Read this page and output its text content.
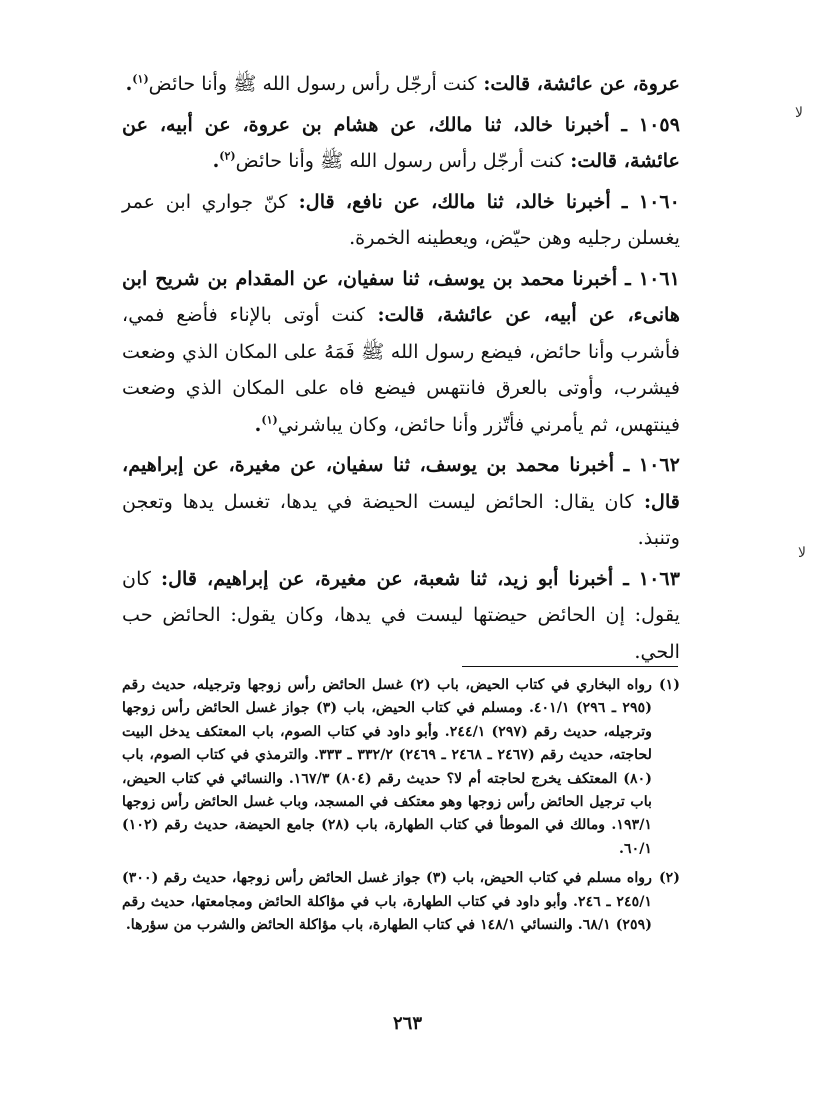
عروة، عن عائشة، قالت: كنت أرجّل رأس رسول الله ﷺ وأنا حائض$^{(١)}$.

١٠٥٩ ـ أخبرنا خالد، ثنا مالك، عن هشام بن عروة، عن أبيه، عن عائشة، قالت: كنت أرجّل رأس رسول الله ﷺ وأنا حائض$^{(٢)}$.

١٠٦٠ ـ أخبرنا خالد، ثنا مالك، عن نافع، قال: كنّ جواري ابن عمر يغسلن رجليه وهن حيّض، ويعطينه الخمرة.

١٠٦١ ـ أخبرنا محمد بن يوسف، ثنا سفيان، عن المقدام بن شريح ابن هانىء، عن أبيه، عن عائشة، قالت: كنت أوتى بالإناء فأضع فمي، فأشرب وأنا حائض، فيضع رسول الله ﷺ فَمَهُ على المكان الذي وضعت فيشرب، وأوتى بالعرق فانتهس فيضع فاه على المكان الذي وضعت فينتهس، ثم يأمرني فأتّزر وأنا حائض، وكان يباشرني$^{(١)}$.

١٠٦٢ ـ أخبرنا محمد بن يوسف، ثنا سفيان، عن مغيرة، عن إبراهيم، قال: كان يقال: الحائض ليست الحيضة في يدها، تغسل يدها وتعجن وتنبذ.

١٠٦٣ ـ أخبرنا أبو زيد، ثنا شعبة، عن مغيرة، عن إبراهيم، قال: كان يقول: إن الحائض حيضتها ليست في يدها، وكان يقول: الحائض حب الحي.

(١)
رواه البخاري في كتاب الحيض، باب (٢) غسل الحائض رأس زوجها وترجيله، حديث رقم (٢٩٥ ـ ٢٩٦) ٤٠١/١. ومسلم في كتاب الحيض، باب (٣) جواز غسل الحائض رأس زوجها وترجيله، حديث رقم (٢٩٧) ٢٤٤/١. وأبو داود في كتاب الصوم، باب المعتكف يدخل البيت لحاجته، حديث رقم (٢٤٦٧ ـ ٢٤٦٨ ـ ٢٤٦٩) ٣٣٢/٢ ـ ٣٣٣. والترمذي في كتاب الصوم، باب (٨٠) المعتكف يخرج لحاجته أم لا؟ حديث رقم (٨٠٤) ١٦٧/٣. والنسائي في كتاب الحيض، باب ترجيل الحائض رأس زوجها وهو معتكف في المسجد، وباب غسل الحائض رأس زوجها ١٩٣/١. ومالك في الموطأ في كتاب الطهارة، باب (٢٨) جامع الحيضة، حديث رقم (١٠٢) ٦٠/١.

(٢)
رواه مسلم في كتاب الحيض، باب (٣) جواز غسل الحائض رأس زوجها، حديث رقم (٣٠٠) ٢٤٥/١ ـ ٢٤٦. وأبو داود في كتاب الطهارة، باب في مؤاكلة الحائض ومجامعتها، حديث رقم (٢٥٩) ٦٨/١. والنسائي ١٤٨/١ في كتاب الطهارة، باب مؤاكلة الحائض والشرب من سؤرها.

٢٦٣
ﻻ
ﻻ
